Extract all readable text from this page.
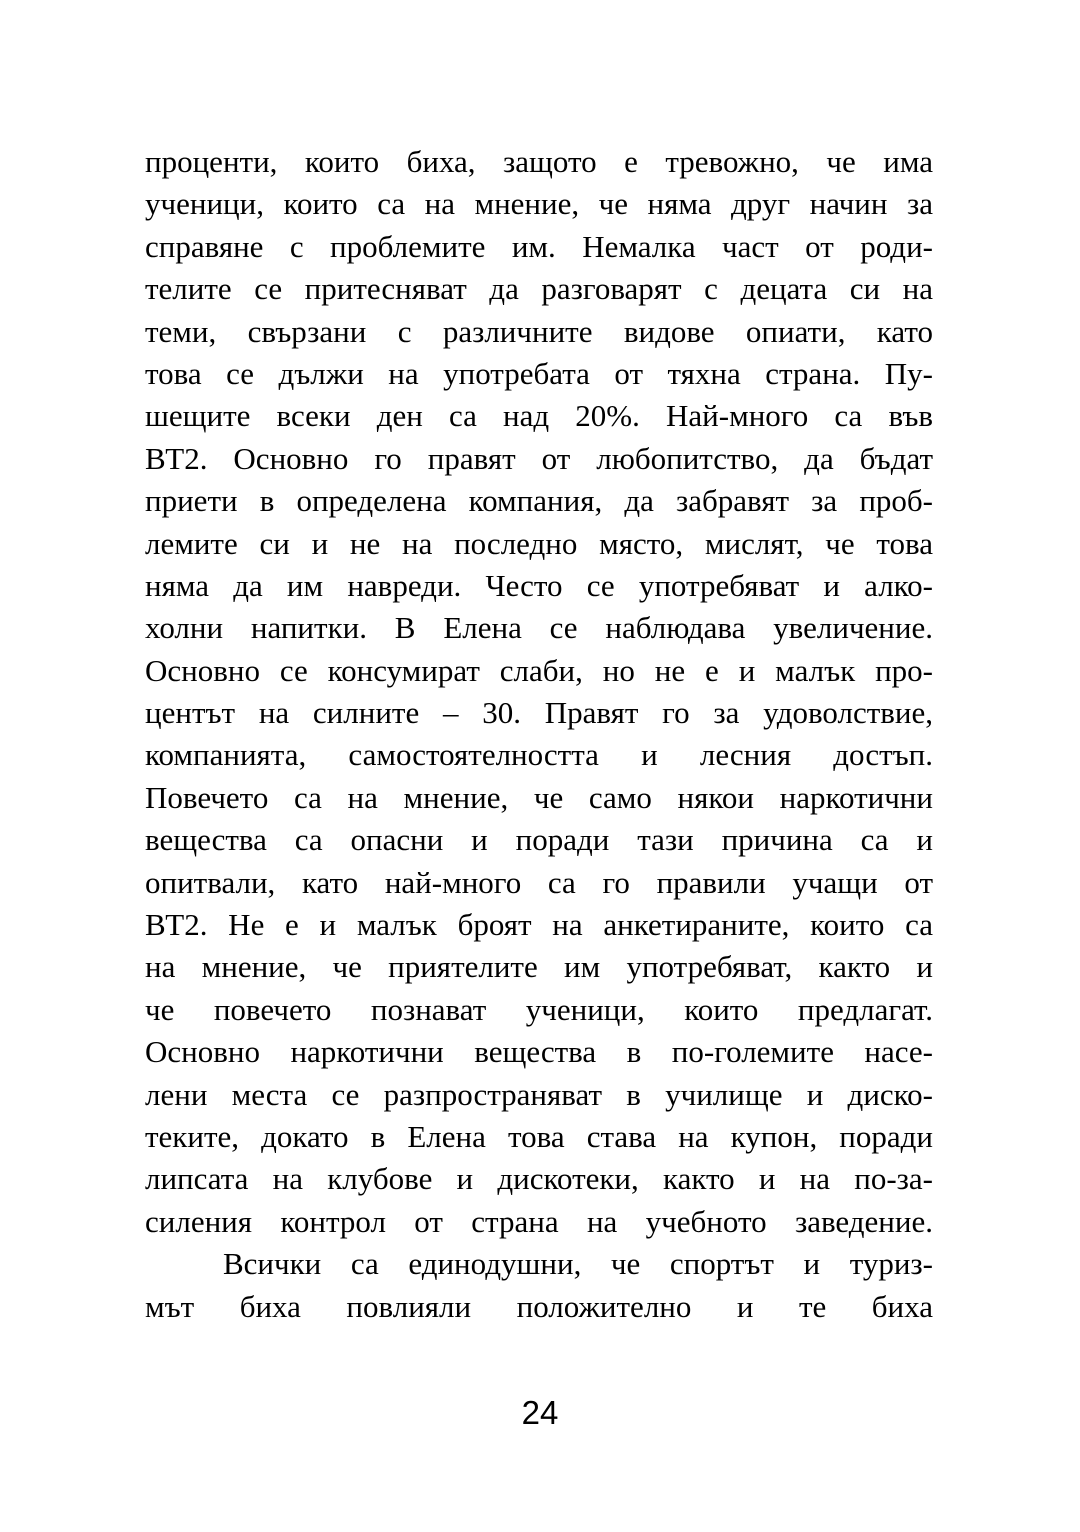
проценти, които биха, защото е тревожно, че има
ученици, които са на мнение, че няма друг начин за
справяне с проблемите им. Немалка част от роди-
телите се притесняват да разговарят с децата си на
теми, свързани с различните видове опиати, като
това се дължи на употребата от тяхна страна. Пу-
шещите всеки ден са над 20%. Най-много са във
ВТ2. Основно го правят от любопитство, да бъдат
приети в определена компания, да забравят за проб-
лемите си и не на последно място, мислят, че това
няма да им навреди. Често се употребяват и алко-
холни напитки. В Елена се наблюдава увеличение.
Основно се консумират слаби, но не е и малък про-
центът на силните – 30. Правят го за удоволствие,
компанията, самостоятелността и лесния достъп.
Повечето са на мнение, че само някои наркотични
вещества са опасни и поради тази причина са и
опитвали, като най-много са го правили учащи от
ВТ2. Не е и малък броят на анкетираните, които са
на мнение, че приятелите им употребяват, както и
че повечето познават ученици, които предлагат.
Основно наркотични вещества в по-големите насе-
лени места се разпространяват в училище и диско-
теките, докато в Елена това става на купон, поради
липсата на клубове и дискотеки, както и на по-за-
силения контрол от страна на учебното заведение.
Всички са единодушни, че спортът и туриз-
мът биха повлияли положително и те биха
24
